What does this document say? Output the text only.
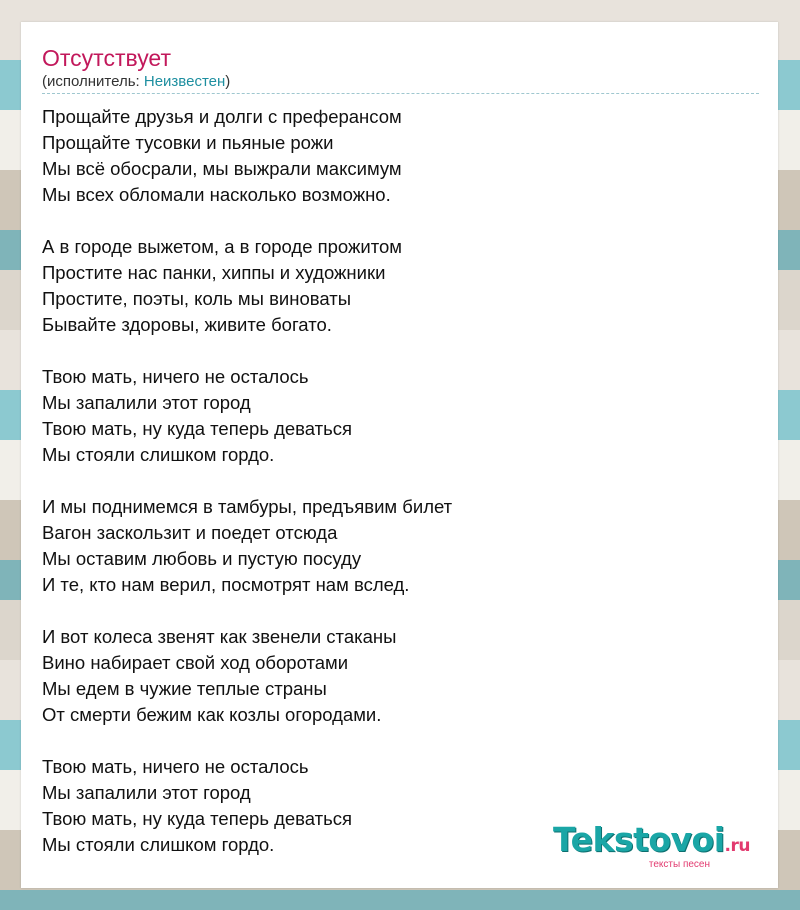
Отсутствует
(исполнитель: Неизвестен)
Прощайте друзья и долги с преферансом
Прощайте тусовки и пьяные рожи
Мы всё обосрали, мы выжрали максимум
Мы всех обломали насколько возможно.
А в городе выжетом, а в городе прожитом
Простите нас панки, хиппы и художники
Простите, поэты, коль мы виноваты
Бывайте здоровы, живите богато.
Твою мать, ничего не осталось
Мы запалили этот город
Твою мать, ну куда теперь деваться
Мы стояли слишком гордо.
И мы поднимемся в тамбуры, предъявим билет
Вагон заскользит и поедет отсюда
Мы оставим любовь и пустую посуду
И те, кто нам верил, посмотрят нам вслед.
И вот колеса звенят как звенели стаканы
Вино набирает свой ход оборотами
Мы едем в чужие теплые страны
От смерти бежим как козлы огородами.
Твою мать, ничего не осталось
Мы запалили этот город
Твою мать, ну куда теперь деваться
Мы стояли слишком гордо.	Tekstovoi.ru
тексты песен
